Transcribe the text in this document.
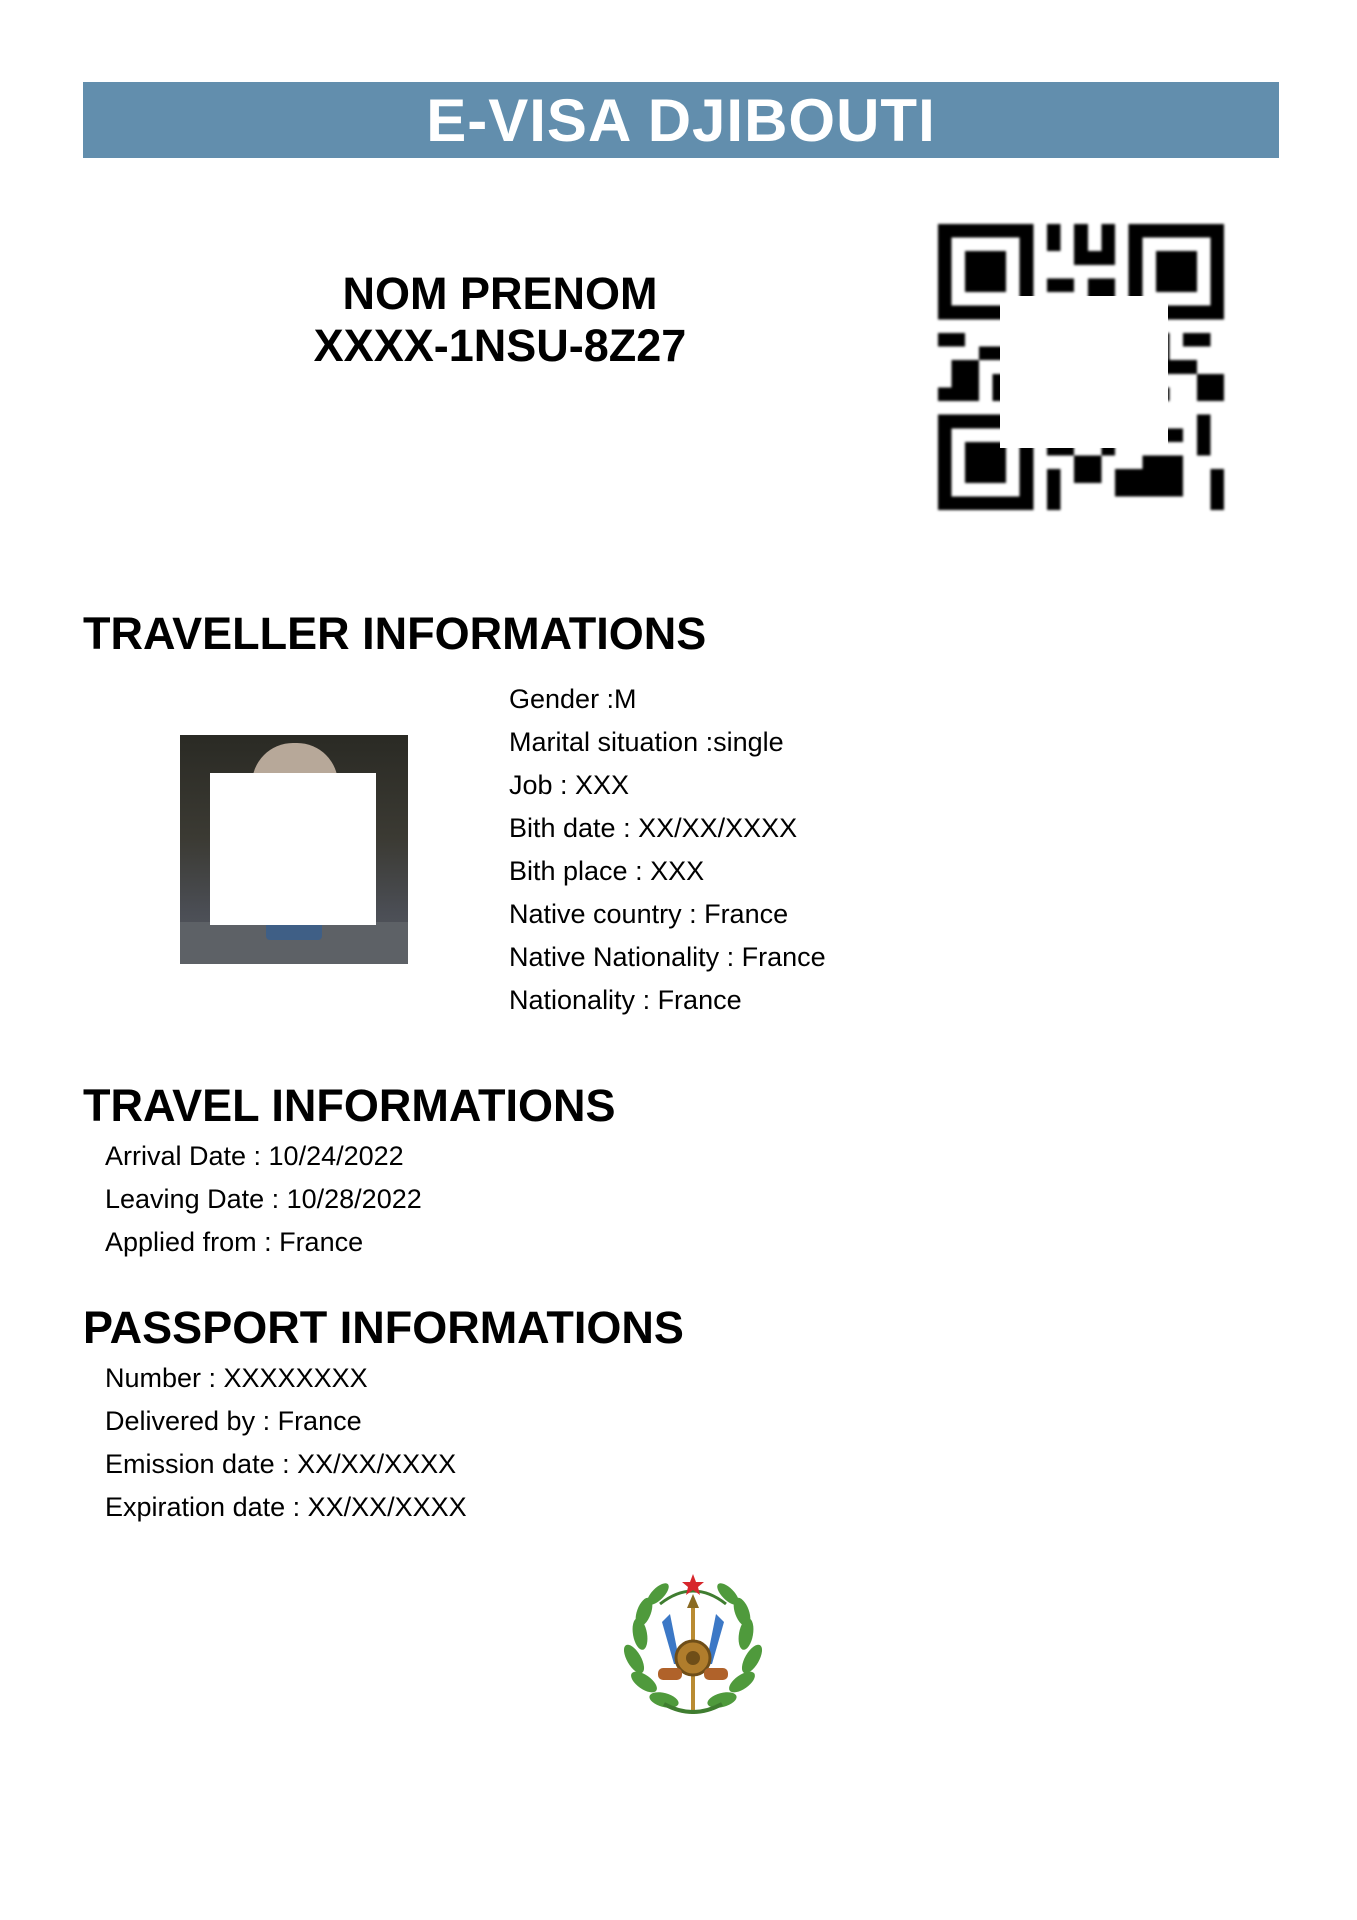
E-VISA DJIBOUTI
NOM PRENOM
XXXX-1NSU-8Z27
TRAVELLER INFORMATIONS
Gender :M
Marital situation :single
Job : XXX
Bith date : XX/XX/XXXX
Bith place : XXX
Native country : France
Native Nationality : France
Nationality : France
TRAVEL INFORMATIONS
Arrival Date : 10/24/2022
Leaving Date : 10/28/2022
Applied from : France
PASSPORT INFORMATIONS
Number : XXXXXXXX
Delivered by : France
Emission date : XX/XX/XXXX
Expiration date : XX/XX/XXXX
